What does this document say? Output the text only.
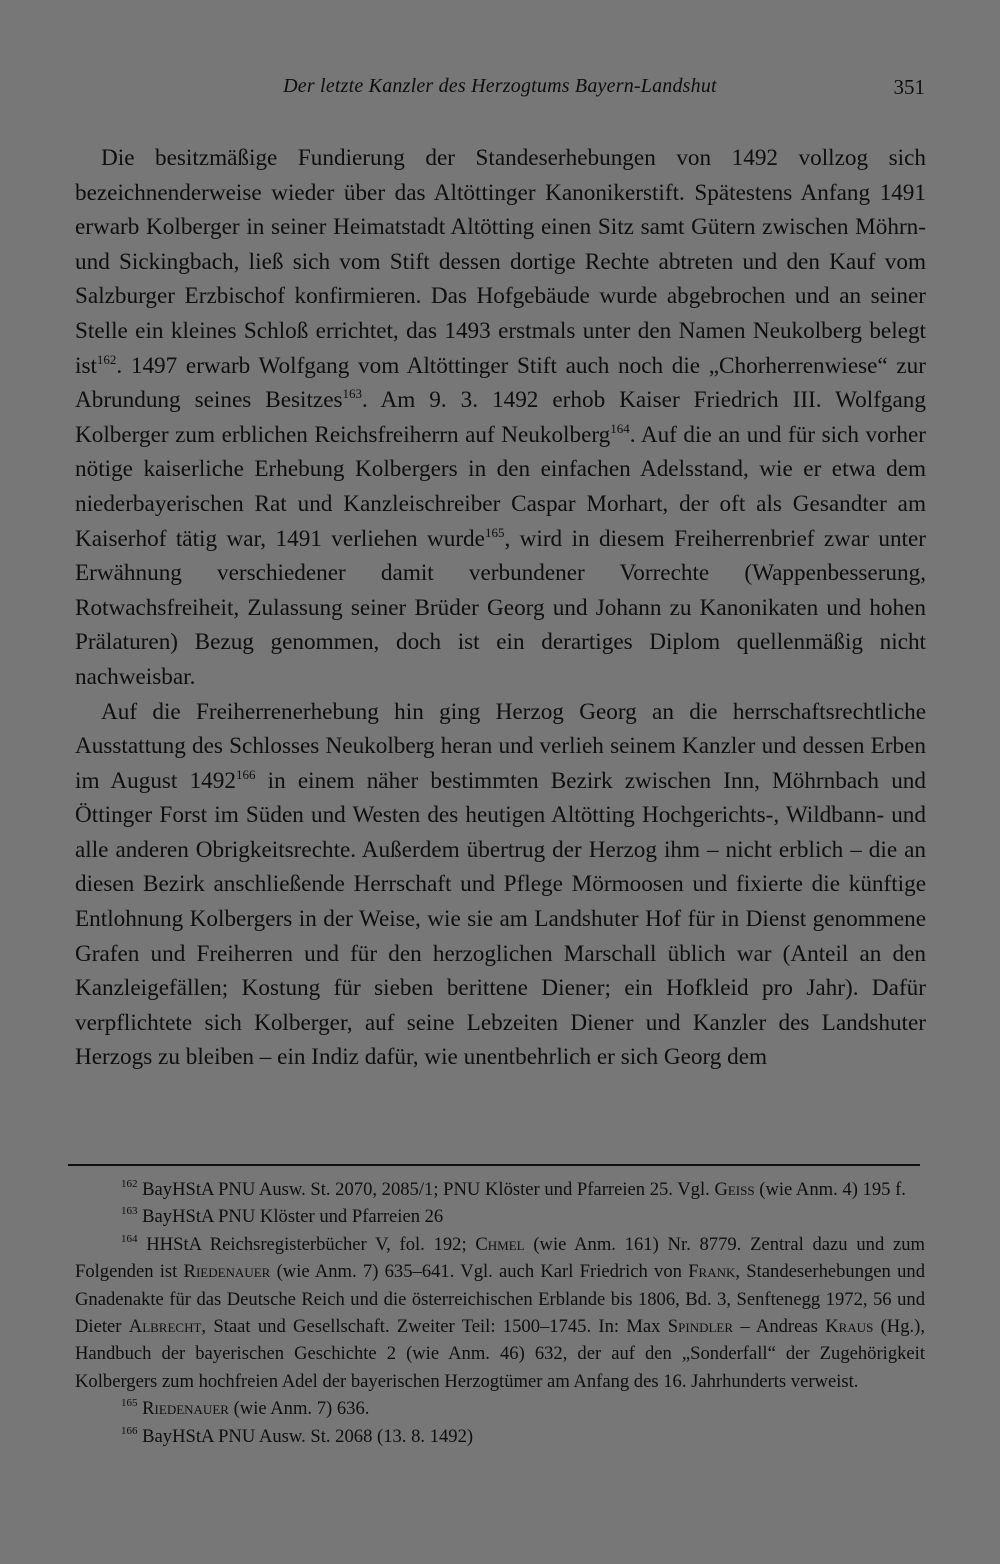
Der letzte Kanzler des Herzogtums Bayern-Landshut	351

Die besitzmäßige Fundierung der Standeserhebungen von 1492 vollzog sich bezeichnenderweise wieder über das Altöttinger Kanonikerstift. Spätestens Anfang 1491 erwarb Kolberger in seiner Heimatstadt Altötting einen Sitz samt Gütern zwischen Möhrn- und Sickingbach, ließ sich vom Stift dessen dortige Rechte abtreten und den Kauf vom Salzburger Erzbischof konfirmieren. Das Hofgebäude wurde abgebrochen und an seiner Stelle ein kleines Schloß errichtet, das 1493 erstmals unter den Namen Neukolberg belegt ist$^{162}$. 1497 erwarb Wolfgang vom Altöttinger Stift auch noch die „Chorherrenwiese“ zur Abrundung seines Besitzes$^{163}$. Am 9. 3. 1492 erhob Kaiser Friedrich III. Wolfgang Kolberger zum erblichen Reichsfreiherrn auf Neukolberg$^{164}$. Auf die an und für sich vorher nötige kaiserliche Erhebung Kolbergers in den einfachen Adelsstand, wie er etwa dem niederbayerischen Rat und Kanzleischreiber Caspar Morhart, der oft als Gesandter am Kaiserhof tätig war, 1491 verliehen wurde$^{165}$, wird in diesem Freiherrenbrief zwar unter Erwähnung verschiedener damit verbundener Vorrechte (Wappenbesserung, Rotwachsfreiheit, Zulassung seiner Brüder Georg und Johann zu Kanonikaten und hohen Prälaturen) Bezug genommen, doch ist ein derartiges Diplom quellenmäßig nicht nachweisbar.

Auf die Freiherrenerhebung hin ging Herzog Georg an die herrschaftsrechtliche Ausstattung des Schlosses Neukolberg heran und verlieh seinem Kanzler und dessen Erben im August 1492$^{166}$ in einem näher bestimmten Bezirk zwischen Inn, Möhrnbach und Öttinger Forst im Süden und Westen des heutigen Altötting Hochgerichts-, Wildbann- und alle anderen Obrigkeitsrechte. Außerdem übertrug der Herzog ihm – nicht erblich – die an diesen Bezirk anschließende Herrschaft und Pflege Mörmoosen und fixierte die künftige Entlohnung Kolbergers in der Weise, wie sie am Landshuter Hof für in Dienst genommene Grafen und Freiherren und für den herzoglichen Marschall üblich war (Anteil an den Kanzleigefällen; Kostung für sieben berittene Diener; ein Hofkleid pro Jahr). Dafür verpflichtete sich Kolberger, auf seine Lebzeiten Diener und Kanzler des Landshuter Herzogs zu bleiben – ein Indiz dafür, wie unentbehrlich er sich Georg dem

$^{162}$ BayHStA PNU Ausw. St. 2070, 2085/1; PNU Klöster und Pfarreien 25. Vgl. Geiss (wie Anm. 4) 195 f.
$^{163}$ BayHStA PNU Klöster und Pfarreien 26
$^{164}$ HHStA Reichsregisterbücher V, fol. 192; Chmel (wie Anm. 161) Nr. 8779. Zentral dazu und zum Folgenden ist Riedenauer (wie Anm. 7) 635–641. Vgl. auch Karl Friedrich von Frank, Standeserhebungen und Gnadenakte für das Deutsche Reich und die österreichischen Erblande bis 1806, Bd. 3, Senftenegg 1972, 56 und Dieter Albrecht, Staat und Gesellschaft. Zweiter Teil: 1500–1745. In: Max Spindler – Andreas Kraus (Hg.), Handbuch der bayerischen Geschichte 2 (wie Anm. 46) 632, der auf den „Sonderfall“ der Zugehörigkeit Kolbergers zum hochfreien Adel der bayerischen Herzogtümer am Anfang des 16. Jahrhunderts verweist.
$^{165}$ Riedenauer (wie Anm. 7) 636.
$^{166}$ BayHStA PNU Ausw. St. 2068 (13. 8. 1492)
